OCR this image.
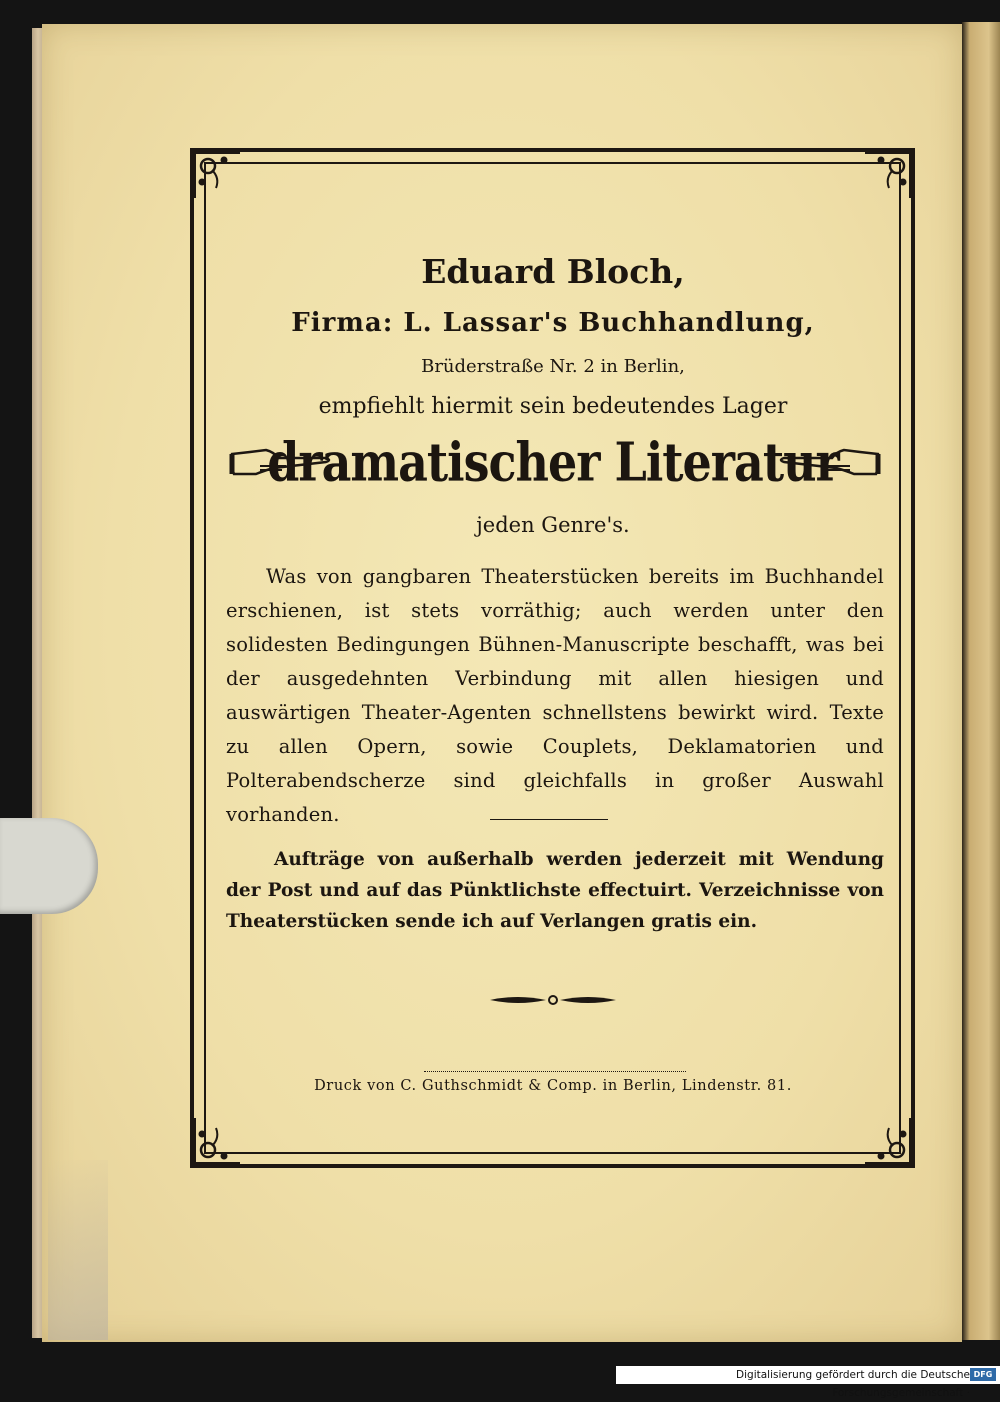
Eduard Bloch,
Firma: L. Lassar's Buchhandlung,
Brüderstraße Nr. 2 in Berlin,
empfiehlt hiermit sein bedeutendes Lager
dramatischer Literatur
jeden Genre's.
Was von gangbaren Theaterstücken bereits im Buchhandel erschienen, ist stets vorräthig; auch werden unter den solidesten Bedingungen Bühnen-Manuscripte beschafft, was bei der ausgedehnten Verbindung mit allen hiesigen und auswärtigen Theater-Agenten schnellstens bewirkt wird. Texte zu allen Opern, sowie Couplets, Deklamatorien und Polterabendscherze sind gleichfalls in großer Auswahl vorhanden.
Aufträge von außerhalb werden jederzeit mit Wendung der Post und auf das Pünktlichste effectuirt. Verzeichnisse von Theaterstücken sende ich auf Verlangen gratis ein.
Druck von C. Guthschmidt & Comp. in Berlin, Lindenstr. 81.
Digitalisierung gefördert durch die Deutsche Forschungsgemeinschaft ·
DFG
